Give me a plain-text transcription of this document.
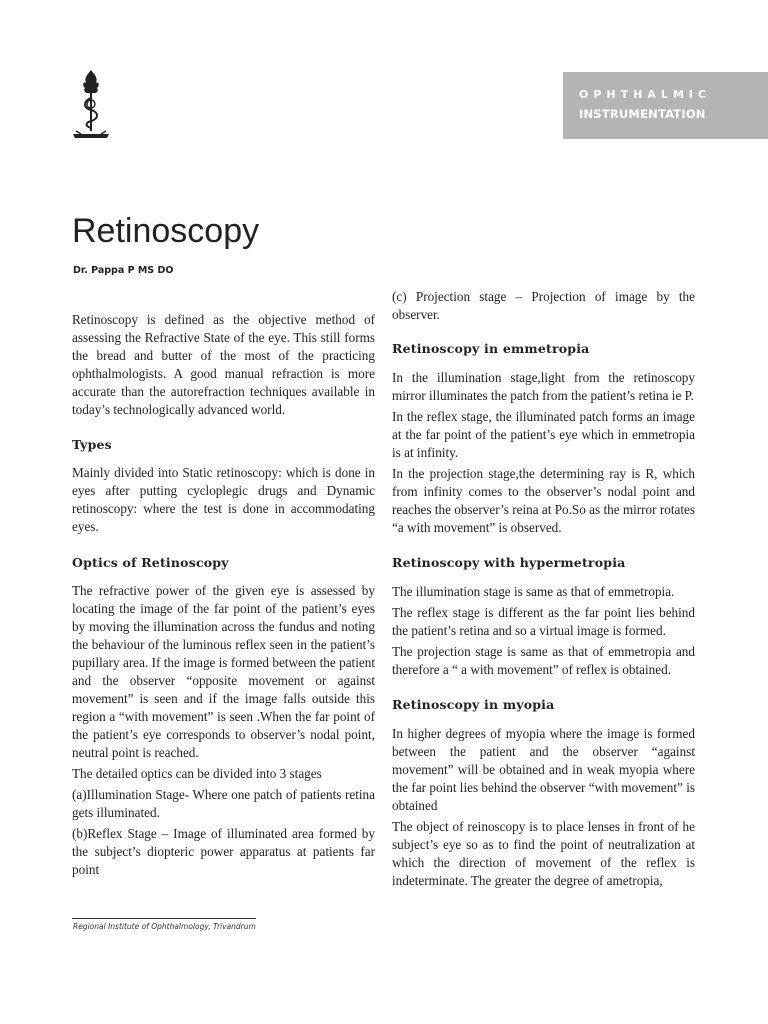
OPHTHALMIC
INSTRUMENTATION
Retinoscopy
Dr. Pappa P MS DO

Retinoscopy is defined as the objective method of assessing the Refractive State of the eye. This still forms the bread and butter of the most of the practicing ophthalmologists. A good manual refraction is more accurate than the autorefraction techniques available in today’s technologically advanced world.

Types

Mainly divided into Static retinoscopy: which is done in eyes after putting cycloplegic drugs and Dynamic retinoscopy: where the test is done in accommodating eyes.

Optics of Retinoscopy

The refractive power of the given eye is assessed by locating the image of the far point of the patient’s eyes by moving the illumination across the fundus and noting the behaviour of the luminous reflex seen in the patient’s pupillary area. If the image is formed between the patient and the observer “opposite movement or against movement” is seen and if the image falls outside this region a “with movement” is seen .When the far point of the patient’s eye corresponds to observer’s nodal point, neutral point is reached.

The detailed optics can be divided into 3 stages

(a)Illumination Stage- Where one patch of patients retina gets illuminated.

(b)Reflex Stage – Image of illuminated area formed by the subject’s diopteric power apparatus at patients far point

(c) Projection stage – Projection of image by the observer.

Retinoscopy in emmetropia

In the illumination stage,light from the retinoscopy mirror illuminates the patch from the patient’s retina ie P.

In the reflex stage, the illuminated patch forms an image at the far point of the patient’s eye which in emmetropia is at infinity.

In the projection stage,the determining ray is R, which from infinity comes to the observer’s nodal point and reaches the observer’s reina at Po.So as the mirror rotates “a with movement” is observed.

Retinoscopy with hypermetropia

The illumination stage is same as that of emmetropia.

The reflex stage is different as the far point lies behind the patient’s retina and so a virtual image is formed.

The projection stage is same as that of emmetropia and therefore a “ a with movement” of reflex is obtained.

Retinoscopy in myopia

In higher degrees of myopia where the image is formed between the patient and the observer “against movement” will be obtained and in weak myopia where the far point lies behind the observer “with movement” is obtained

The object of reinoscopy is to place lenses in front of he subject’s eye so as to find the point of neutralization at which the direction of movement of the reflex is indeterminate. The greater the degree of ametropia,

Regional Institute of Ophthalmology, Trivandrum
